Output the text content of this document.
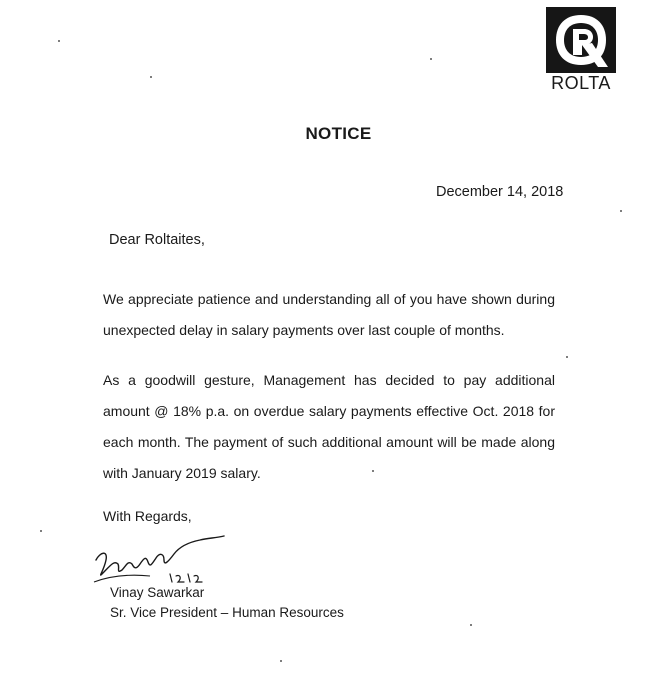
ROLTA
NOTICE
December 14, 2018
Dear Roltaites,
We appreciate patience and understanding all of you have shown during unexpected delay in salary payments over last couple of months.
As a goodwill gesture, Management has decided to pay additional amount @ 18% p.a. on overdue salary payments effective Oct. 2018 for each month. The payment of such additional amount will be made along with January 2019 salary.
With Regards,
Vinay Sawarkar
Sr. Vice President – Human Resources
